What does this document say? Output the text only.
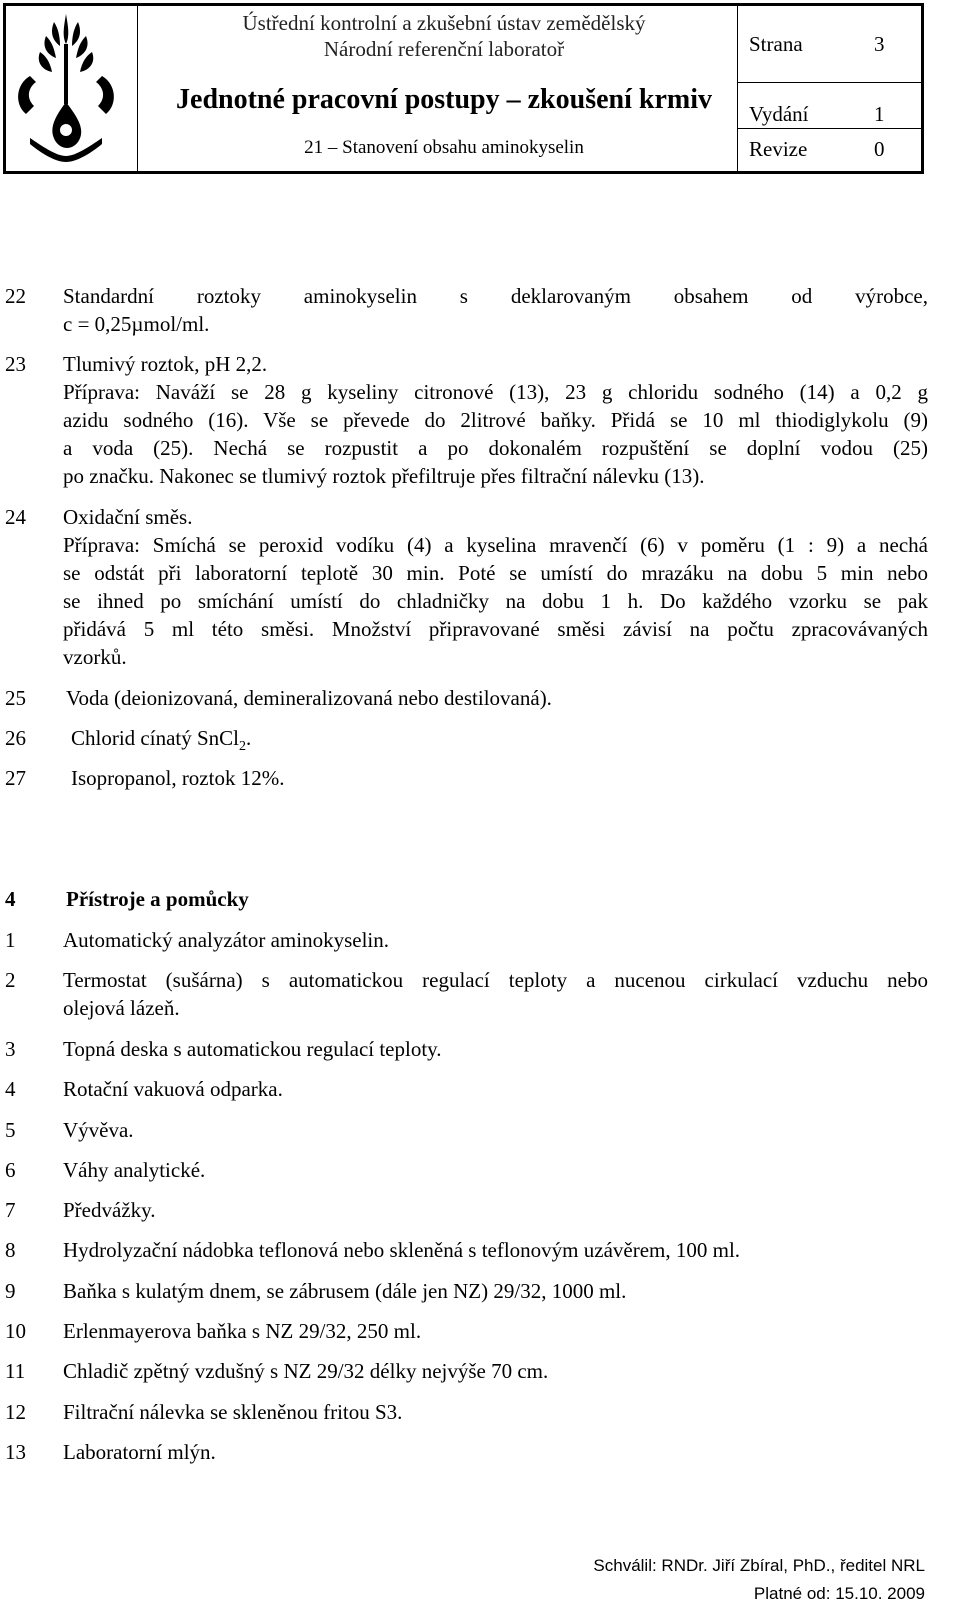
Ústřední kontrolní a zkušební ústav zemědělský
Národní referenční laboratoř
Jednotné pracovní postupy – zkoušení krmiv
21 – Stanovení obsahu aminokyselin
Strana	3
Vydání	1
Revize	0
22 Standardní roztoky aminokyselin s deklarovaným obsahem od výrobce,
c = 0,25µmol/ml.
23 Tlumivý roztok, pH 2,2.
Příprava: Naváží se 28 g kyseliny citronové (13), 23 g chloridu sodného (14) a 0,2 g
azidu sodného (16). Vše se převede do 2litrové baňky. Přidá se 10 ml thiodiglykolu (9)
a voda (25). Nechá se rozpustit a po dokonalém rozpuštění se doplní vodou (25)
po značku. Nakonec se tlumivý roztok přefiltruje přes filtrační nálevku (13).
24 Oxidační směs.
Příprava: Smíchá se peroxid vodíku (4) a kyselina mravenčí (6) v poměru (1 : 9) a nechá
se odstát při laboratorní teplotě 30 min. Poté se umístí do mrazáku na dobu 5 min nebo
se ihned po smíchání umístí do chladničky na dobu 1 h. Do každého vzorku se pak
přidává 5 ml této směsi. Množství připravované směsi závisí na počtu zpracovávaných
vzorků.
25 Voda (deionizovaná, demineralizovaná nebo destilovaná).
26 Chlorid cínatý SnCl$_2$.
27 Isopropanol, roztok 12%.
4 Přístroje a pomůcky
1 Automatický analyzátor aminokyselin.
2 Termostat (sušárna) s automatickou regulací teploty a nucenou cirkulací vzduchu nebo
olejová lázeň.
3 Topná deska s automatickou regulací teploty.
4 Rotační vakuová odparka.
5 Vývěva.
6 Váhy analytické.
7 Předvážky.
8 Hydrolyzační nádobka teflonová nebo skleněná s teflonovým uzávěrem, 100 ml.
9 Baňka s kulatým dnem, se zábrusem (dále jen NZ) 29/32, 1000 ml.
10 Erlenmayerova baňka s NZ 29/32, 250 ml.
11 Chladič zpětný vzdušný s NZ 29/32 délky nejvýše 70 cm.
12 Filtrační nálevka se skleněnou fritou S3.
13 Laboratorní mlýn.
Schválil: RNDr. Jiří Zbíral, PhD., ředitel NRL
Platné od: 15.10. 2009
